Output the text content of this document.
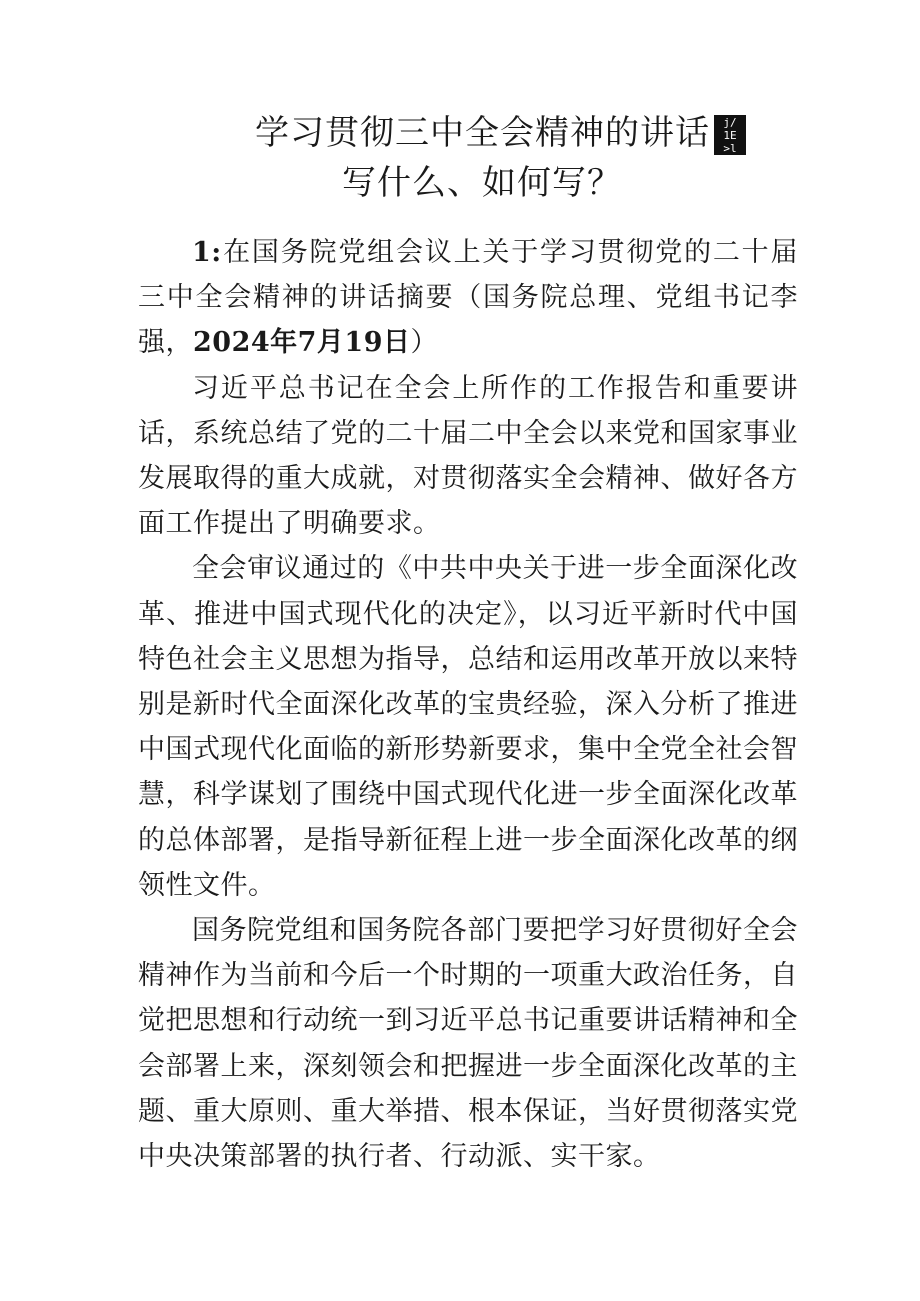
学习贯彻三中全会精神的讲话 j/
1E
>l
写什么、如何写？

1:在国务院党组会议上关于学习贯彻党的二十届三中全会精神的讲话摘要（国务院总理、党组书记李强，2024年7月19日）

习近平总书记在全会上所作的工作报告和重要讲话，系统总结了党的二十届二中全会以来党和国家事业发展取得的重大成就，对贯彻落实全会精神、做好各方面工作提出了明确要求。

全会审议通过的《中共中央关于进一步全面深化改革、推进中国式现代化的决定》，以习近平新时代中国特色社会主义思想为指导，总结和运用改革开放以来特别是新时代全面深化改革的宝贵经验，深入分析了推进中国式现代化面临的新形势新要求，集中全党全社会智慧，科学谋划了围绕中国式现代化进一步全面深化改革的总体部署，是指导新征程上进一步全面深化改革的纲领性文件。

国务院党组和国务院各部门要把学习好贯彻好全会精神作为当前和今后一个时期的一项重大政治任务，自觉把思想和行动统一到习近平总书记重要讲话精神和全会部署上来，深刻领会和把握进一步全面深化改革的主题、重大原则、重大举措、根本保证，当好贯彻落实党中央决策部署的执行者、行动派、实干家。
